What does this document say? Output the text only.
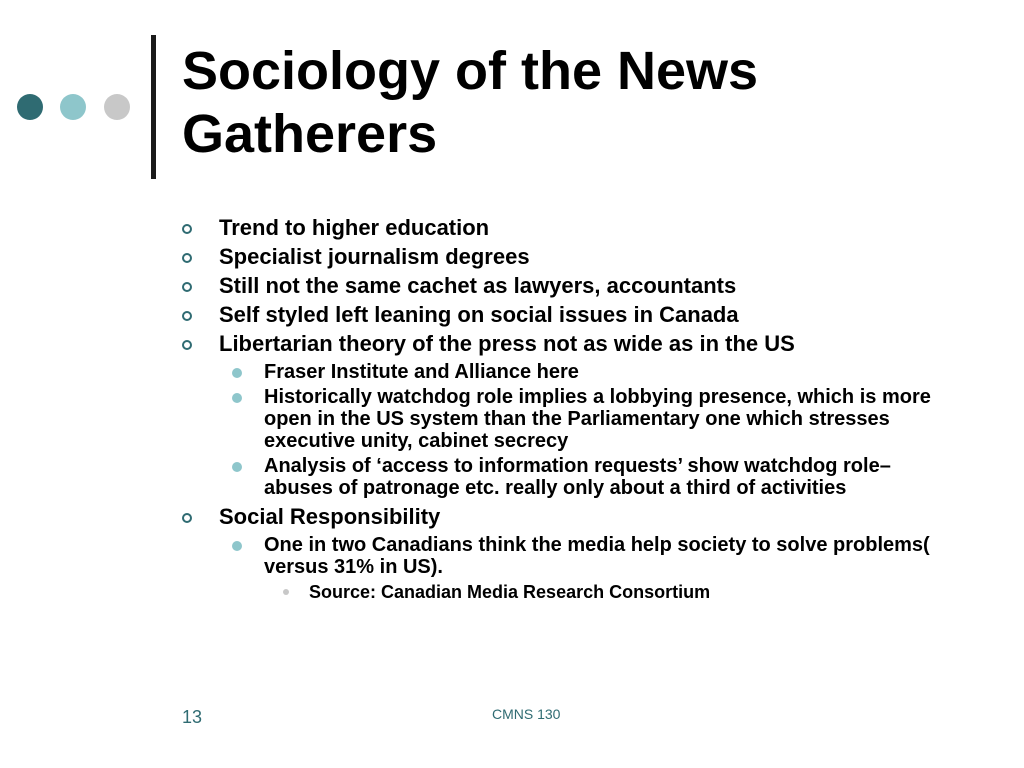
Sociology of the News
Gatherers
Trend to higher education
Specialist journalism degrees
Still not the same cachet as lawyers, accountants
Self styled left leaning on social issues in Canada
Libertarian theory of the press not as wide as in the US
Fraser Institute and Alliance here
Historically watchdog role implies a lobbying presence, which is more open in the US system than the Parliamentary one which stresses executive unity, cabinet secrecy
Analysis of ‘access to information requests’ show watchdog role– abuses of patronage etc. really only about a third of activities
Social Responsibility
One in two Canadians think the media help society to solve problems( versus 31% in US).
Source: Canadian Media Research Consortium
13	CMNS 130
